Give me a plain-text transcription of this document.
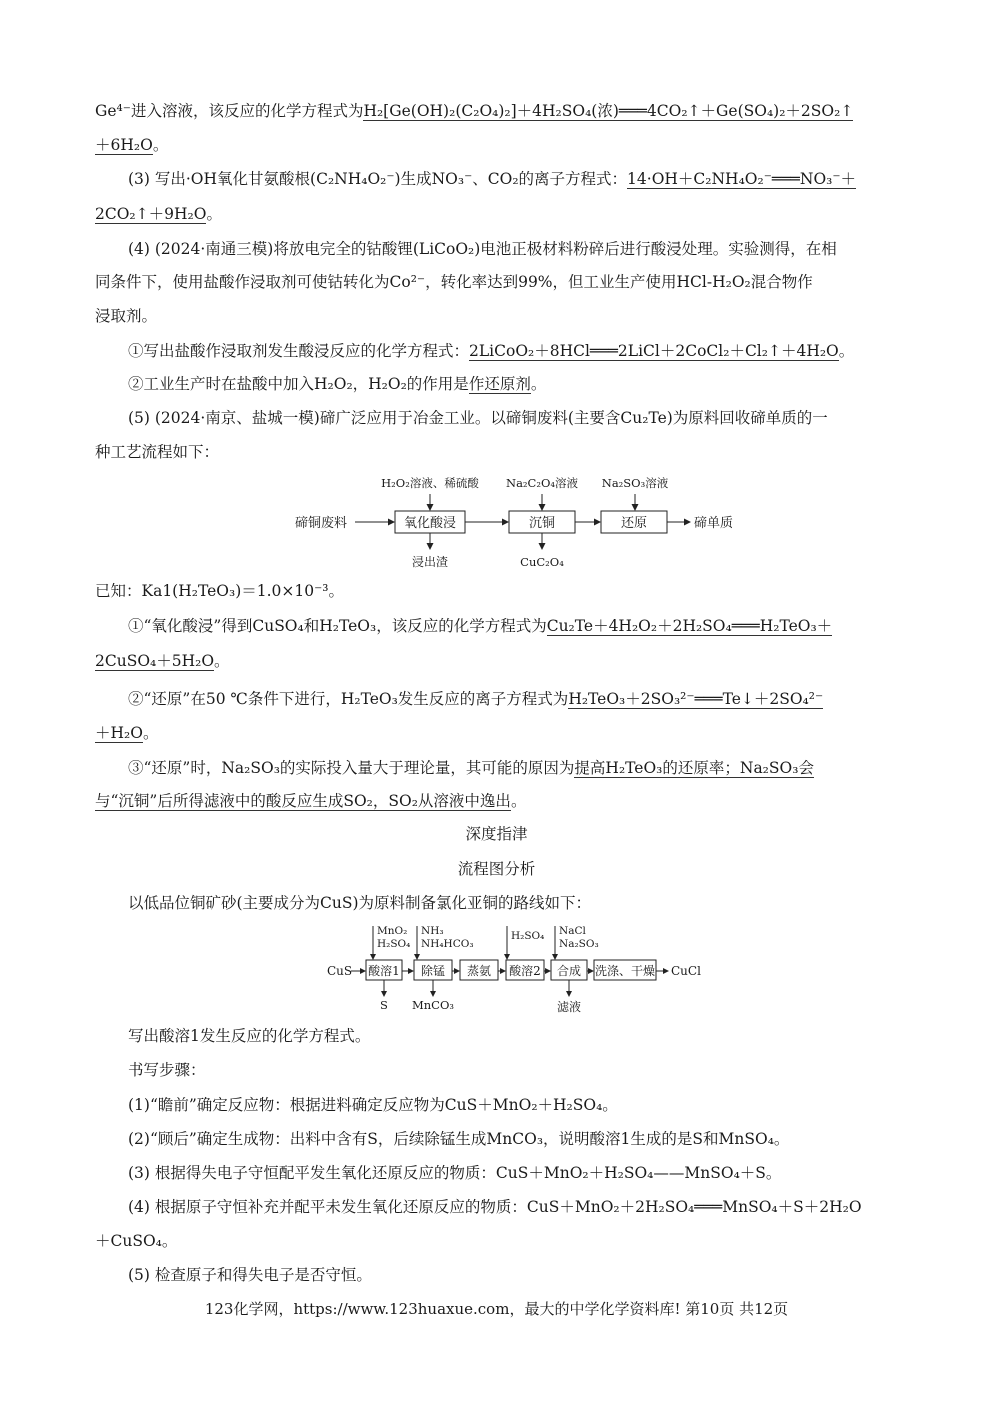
Ge⁴⁻进入溶液，该反应的化学方程式为H₂[Ge(OH)₂(C₂O₄)₂]＋4H₂SO₄(浓)═══4CO₂↑＋Ge(SO₄)₂＋2SO₂↑
＋6H₂O。
(3) 写出·OH氧化甘氨酸根(C₂NH₄O₂⁻)生成NO₃⁻、CO₂的离子方程式：14·OH＋C₂NH₄O₂⁻═══NO₃⁻＋
2CO₂↑＋9H₂O。
(4) (2024·南通三模)将放电完全的钴酸锂(LiCoO₂)电池正极材料粉碎后进行酸浸处理。实验测得，在相
同条件下，使用盐酸作浸取剂可使钴转化为Co²⁻，转化率达到99%，但工业生产使用HCl-H₂O₂混合物作
浸取剂。
①写出盐酸作浸取剂发生酸浸反应的化学方程式：2LiCoO₂＋8HCl═══2LiCl＋2CoCl₂＋Cl₂↑＋4H₂O。
②工业生产时在盐酸中加入H₂O₂，H₂O₂的作用是作还原剂。
(5) (2024·南京、盐城一模)碲广泛应用于冶金工业。以碲铜废料(主要含Cu₂Te)为原料回收碲单质的一
种工艺流程如下：
H₂O₂溶液、稀硫酸 Na₂C₂O₄溶液 Na₂SO₃溶液
碲铜废料	氧化酸浸	沉铜	还原	碲单质
浸出渣	CuC₂O₄
已知：Ka1(H₂TeO₃)＝1.0×10⁻³。
①“氧化酸浸”得到CuSO₄和H₂TeO₃，该反应的化学方程式为Cu₂Te＋4H₂O₂＋2H₂SO₄═══H₂TeO₃＋
2CuSO₄＋5H₂O。
②“还原”在50 ℃条件下进行，H₂TeO₃发生反应的离子方程式为H₂TeO₃＋2SO₃²⁻═══Te↓＋2SO₄²⁻
＋H₂O。
③“还原”时，Na₂SO₃的实际投入量大于理论量，其可能的原因为提高H₂TeO₃的还原率；Na₂SO₃会
与“沉铜”后所得滤液中的酸反应生成SO₂，SO₂从溶液中逸出。
深度指津
流程图分析
以低品位铜矿砂(主要成分为CuS)为原料制备氯化亚铜的路线如下：
MnO₂
H₂SO₄
NH₃
NH₄HCO₃
H₂SO₄ NaCl
Na₂SO₃
CuS 酸溶1 除锰 蒸氨 酸溶2 合成 洗涤、干燥 CuCl
S MnCO₃	滤液
写出酸溶1发生反应的化学方程式。
书写步骤：
(1)“瞻前”确定反应物：根据进料确定反应物为CuS＋MnO₂＋H₂SO₄。
(2)“顾后”确定生成物：出料中含有S，后续除锰生成MnCO₃，说明酸溶1生成的是S和MnSO₄。
(3) 根据得失电子守恒配平发生氧化还原反应的物质：CuS＋MnO₂＋H₂SO₄——MnSO₄＋S。
(4) 根据原子守恒补充并配平未发生氧化还原反应的物质：CuS＋MnO₂＋2H₂SO₄═══MnSO₄＋S＋2H₂O
＋CuSO₄。
(5) 检查原子和得失电子是否守恒。
123化学网，https://www.123huaxue.com，最大的中学化学资料库! 第10页 共12页
